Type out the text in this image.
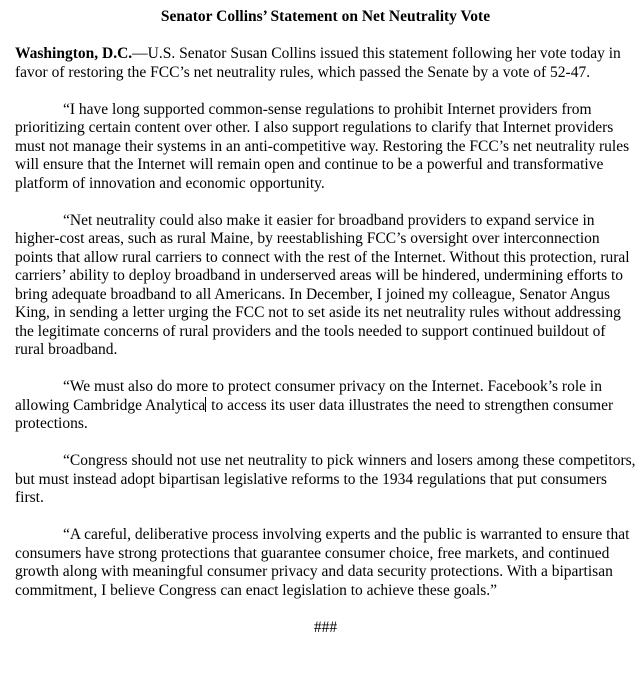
Senator Collins’ Statement on Net Neutrality Vote

Washington, D.C.—U.S. Senator Susan Collins issued this statement following her vote today in favor of restoring the FCC’s net neutrality rules, which passed the Senate by a vote of 52-47.

“I have long supported common-sense regulations to prohibit Internet providers from prioritizing certain content over other. I also support regulations to clarify that Internet providers must not manage their systems in an anti-competitive way. Restoring the FCC’s net neutrality rules will ensure that the Internet will remain open and continue to be a powerful and transformative platform of innovation and economic opportunity.

“Net neutrality could also make it easier for broadband providers to expand service in higher-cost areas, such as rural Maine, by reestablishing FCC’s oversight over interconnection points that allow rural carriers to connect with the rest of the Internet. Without this protection, rural carriers’ ability to deploy broadband in underserved areas will be hindered, undermining efforts to bring adequate broadband to all Americans. In December, I joined my colleague, Senator Angus King, in sending a letter urging the FCC not to set aside its net neutrality rules without addressing the legitimate concerns of rural providers and the tools needed to support continued buildout of rural broadband.

“We must also do more to protect consumer privacy on the Internet. Facebook’s role in allowing Cambridge Analytica to access its user data illustrates the need to strengthen consumer protections.

“Congress should not use net neutrality to pick winners and losers among these competitors, but must instead adopt bipartisan legislative reforms to the 1934 regulations that put consumers first.

“A careful, deliberative process involving experts and the public is warranted to ensure that consumers have strong protections that guarantee consumer choice, free markets, and continued growth along with meaningful consumer privacy and data security protections. With a bipartisan commitment, I believe Congress can enact legislation to achieve these goals.”

###
